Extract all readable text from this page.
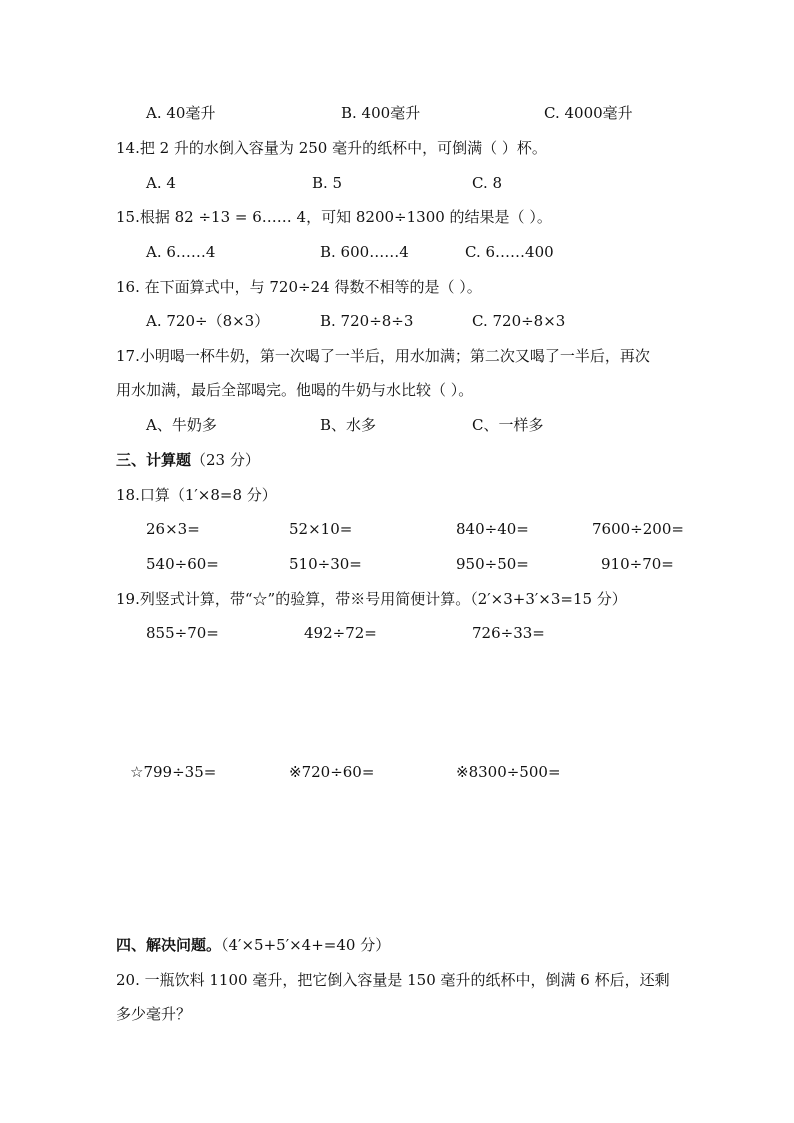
A. 40毫升	B. 400毫升	C. 4000毫升
14.把 2 升的水倒入容量为 250 毫升的纸杯中，可倒满（ ）杯。
A. 4	B. 5	C. 8
15.根据 82 ÷13 = 6…… 4，可知 8200÷1300 的结果是（ ）。
A. 6……4	B. 600……4	C. 6……400
16. 在下面算式中，与 720÷24 得数不相等的是（ ）。
A. 720÷（8×3）	B. 720÷8÷3	C. 720÷8×3
17.小明喝一杯牛奶，第一次喝了一半后，用水加满；第二次又喝了一半后，再次
用水加满，最后全部喝完。他喝的牛奶与水比较（ ）。
A、牛奶多	B、水多	C、一样多
三、计算题（23 分）
18.口算（1′×8=8 分）
26×3=	52×10=	840÷40=	7600÷200=
540÷60=	510÷30=	950÷50=	910÷70=
19.列竖式计算，带“☆”的验算，带※号用简便计算。（2′×3+3′×3=15 分）
855÷70=	492÷72=	726÷33=
☆799÷35=	※720÷60=	※8300÷500=
四、解决问题。（4′×5+5′×4+=40 分）
20. 一瓶饮料 1100 毫升，把它倒入容量是 150 毫升的纸杯中，倒满 6 杯后，还剩
多少毫升？
